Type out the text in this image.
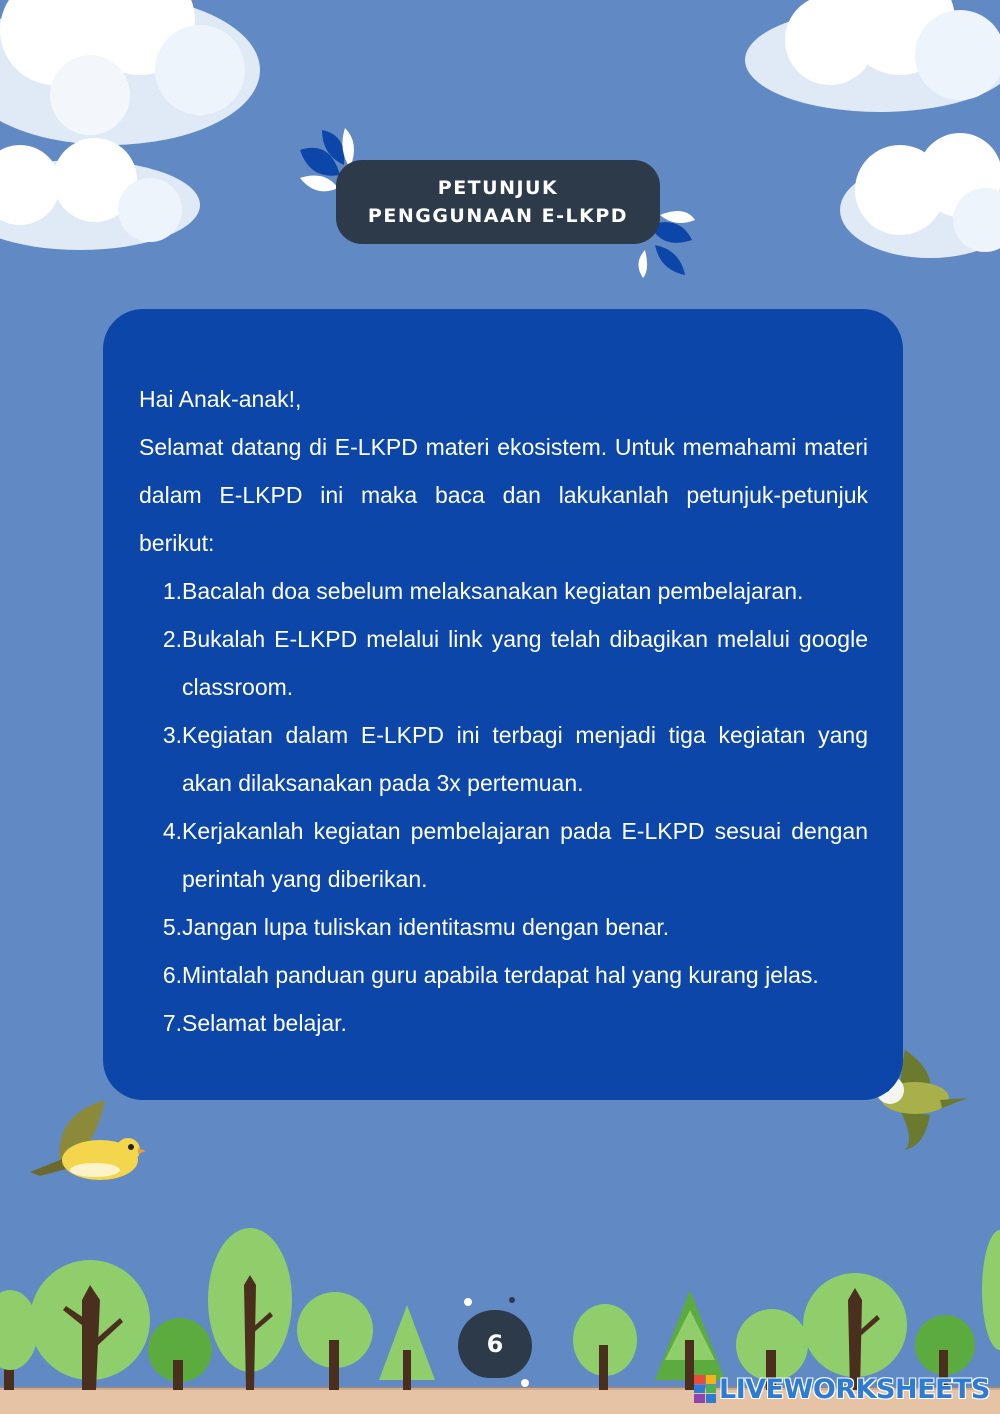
PETUNJUK
PENGGUNAAN E-LKPD

Hai Anak-anak!,

Selamat datang di E-LKPD materi ekosistem. Untuk memahami materi dalam E-LKPD ini maka baca dan lakukanlah petunjuk-petunjuk berikut:

1. Bacalah doa sebelum melaksanakan kegiatan pembelajaran.
2. Bukalah E-LKPD melalui link yang telah dibagikan melalui google classroom.
3. Kegiatan dalam E-LKPD ini terbagi menjadi tiga kegiatan yang akan dilaksanakan pada 3x pertemuan.
4. Kerjakanlah kegiatan pembelajaran pada E-LKPD sesuai dengan perintah yang diberikan.
5. Jangan lupa tuliskan identitasmu dengan benar.
6. Mintalah panduan guru apabila terdapat hal yang kurang jelas.
7. Selamat belajar.
6
LIVEWORKSHEETS
